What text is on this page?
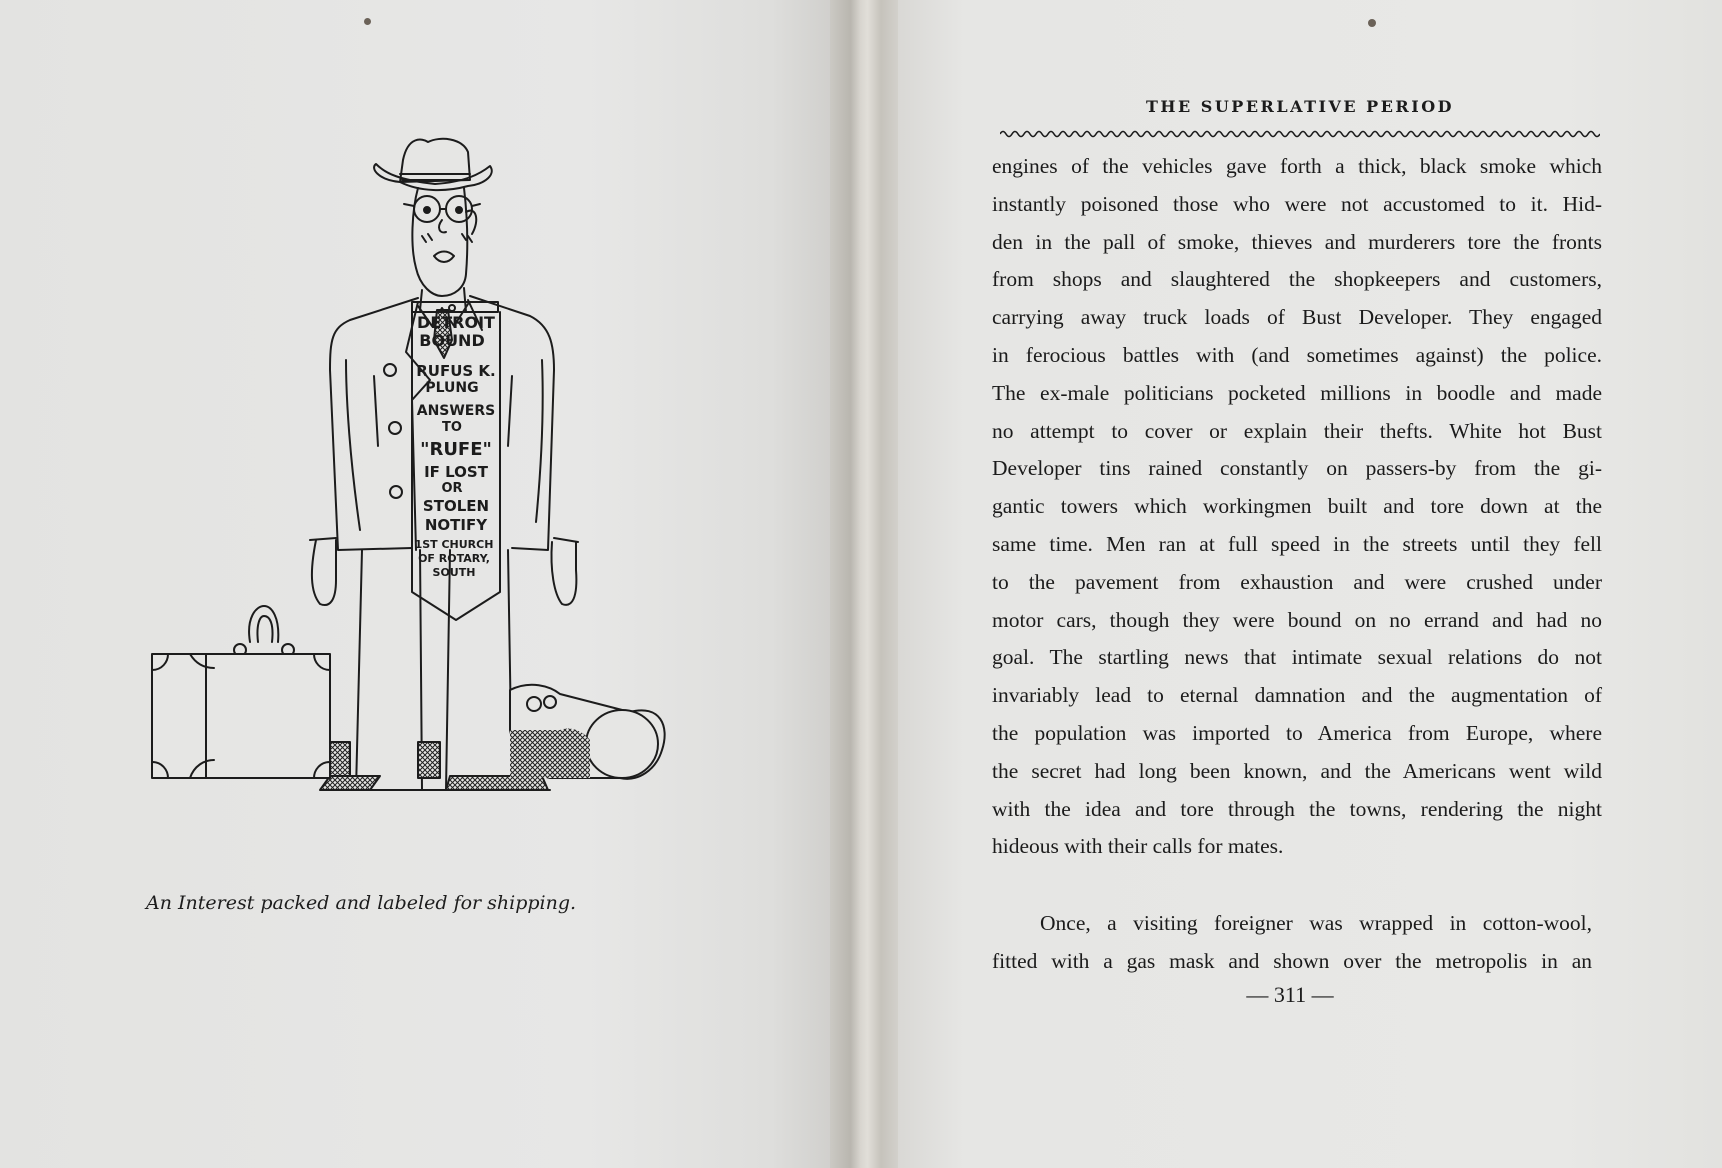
DETROIT
BOUND
RUFUS K.
PLUNG
ANSWERS
TO
"RUFE"
IF LOST
OR
STOLEN
NOTIFY
1ST CHURCH
OF ROTARY,
SOUTH
An Interest packed and labeled for shipping.
THE SUPERLATIVE PERIOD
engines of the vehicles gave forth a thick, black smoke which
instantly poisoned those who were not accustomed to it. Hid-
den in the pall of smoke, thieves and murderers tore the fronts
from shops and slaughtered the shopkeepers and customers,
carrying away truck loads of Bust Developer. They engaged
in ferocious battles with (and sometimes against) the police.
The ex-male politicians pocketed millions in boodle and made
no attempt to cover or explain their thefts. White hot Bust
Developer tins rained constantly on passers-by from the gi-
gantic towers which workingmen built and tore down at the
same time. Men ran at full speed in the streets until they fell
to the pavement from exhaustion and were crushed under
motor cars, though they were bound on no errand and had no
goal. The startling news that intimate sexual relations do not
invariably lead to eternal damnation and the augmentation of
the population was imported to America from Europe, where
the secret had long been known, and the Americans went wild
with the idea and tore through the towns, rendering the night
hideous with their calls for mates.
Once, a visiting foreigner was wrapped in cotton-wool,
fitted with a gas mask and shown over the metropolis in an
— 311 —
